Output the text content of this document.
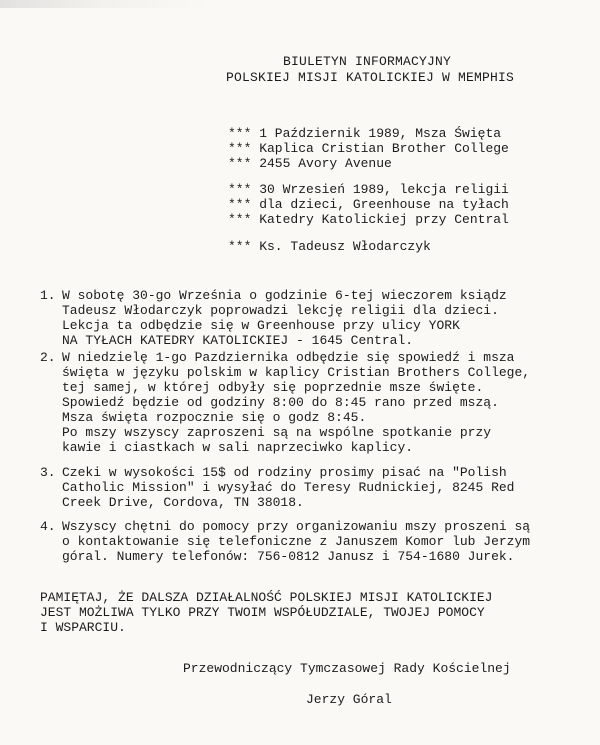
BIULETYN INFORMACYJNY
POLSKIEJ MISJI KATOLICKIEJ W MEMPHIS
*** 1 Październik 1989, Msza Święta
*** Kaplica Cristian Brother College
*** 2455 Avory Avenue
*** 30 Wrzesień 1989, lekcja religii
*** dla dzieci, Greenhouse na tyłach
*** Katedry Katolickiej przy Central
*** Ks. Tadeusz Włodarczyk
1. W sobotę 30-go Września o godzinie 6-tej wieczorem ksiądz
Tadeusz Włodarczyk poprowadzi lekcję religii dla dzieci.
Lekcja ta odbędzie się w Greenhouse przy ulicy YORK
NA TYŁACH KATEDRY KATOLICKIEJ - 1645 Central.
2. W niedzielę 1-go Pazdziernika odbędzie się spowiedź i msza
święta w języku polskim w kaplicy Cristian Brothers College,
tej samej, w której odbyły się poprzednie msze święte.
Spowiedź będzie od godziny 8:00 do 8:45 rano przed mszą.
Msza święta rozpocznie się o godz 8:45.
Po mszy wszyscy zaproszeni są na wspólne spotkanie przy
kawie i ciastkach w sali naprzeciwko kaplicy.
3. Czeki w wysokości 15$ od rodziny prosimy pisać na "Polish
Catholic Mission" i wysyłać do Teresy Rudnickiej, 8245 Red
Creek Drive, Cordova, TN 38018.
4. Wszyscy chętni do pomocy przy organizowaniu mszy proszeni są
o kontaktowanie się telefoniczne z Januszem Komor lub Jerzym
góral. Numery telefonów: 756-0812 Janusz i 754-1680 Jurek.
PAMIĘTAJ, ŻE DALSZA DZIAŁALNOŚĆ POLSKIEJ MISJI KATOLICKIEJ
JEST MOŻLIWA TYLKO PRZY TWOIM WSPÓŁUDZIALE, TWOJEJ POMOCY
I WSPARCIU.
Przewodniczący Tymczasowej Rady Kościelnej
Jerzy Góral
